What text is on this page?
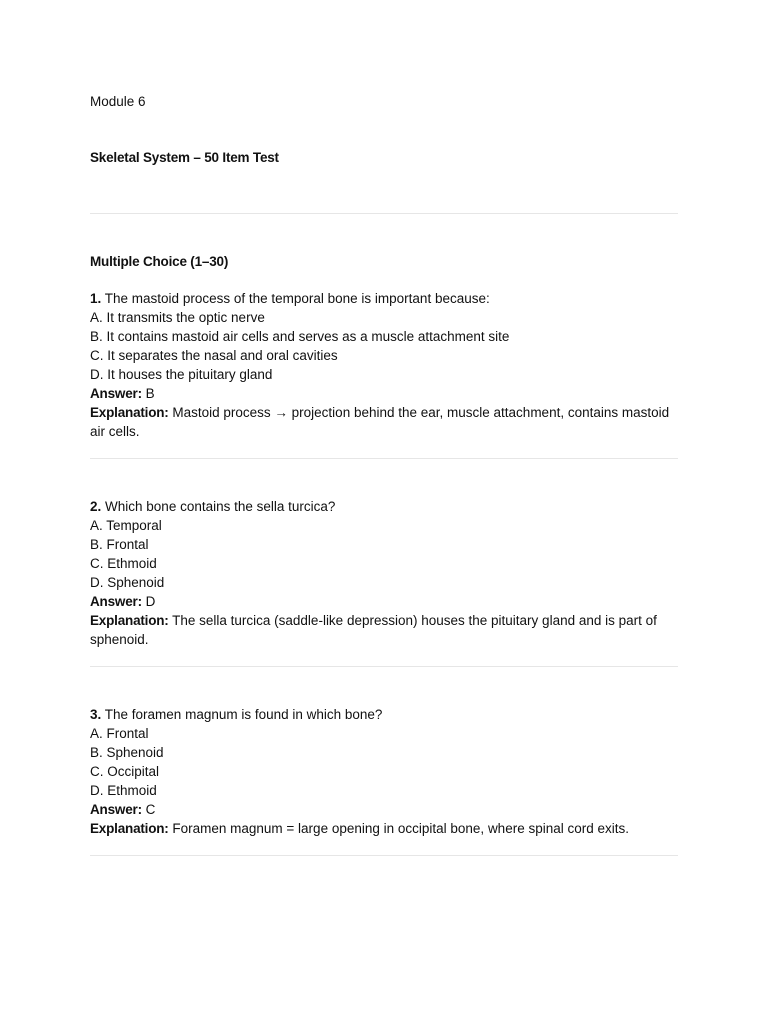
Module 6
Skeletal System – 50 Item Test
Multiple Choice (1–30)
1. The mastoid process of the temporal bone is important because:
A. It transmits the optic nerve
B. It contains mastoid air cells and serves as a muscle attachment site
C. It separates the nasal and oral cavities
D. It houses the pituitary gland
Answer: B
Explanation: Mastoid process → projection behind the ear, muscle attachment, contains mastoid air cells.
2. Which bone contains the sella turcica?
A. Temporal
B. Frontal
C. Ethmoid
D. Sphenoid
Answer: D
Explanation: The sella turcica (saddle-like depression) houses the pituitary gland and is part of sphenoid.
3. The foramen magnum is found in which bone?
A. Frontal
B. Sphenoid
C. Occipital
D. Ethmoid
Answer: C
Explanation: Foramen magnum = large opening in occipital bone, where spinal cord exits.
